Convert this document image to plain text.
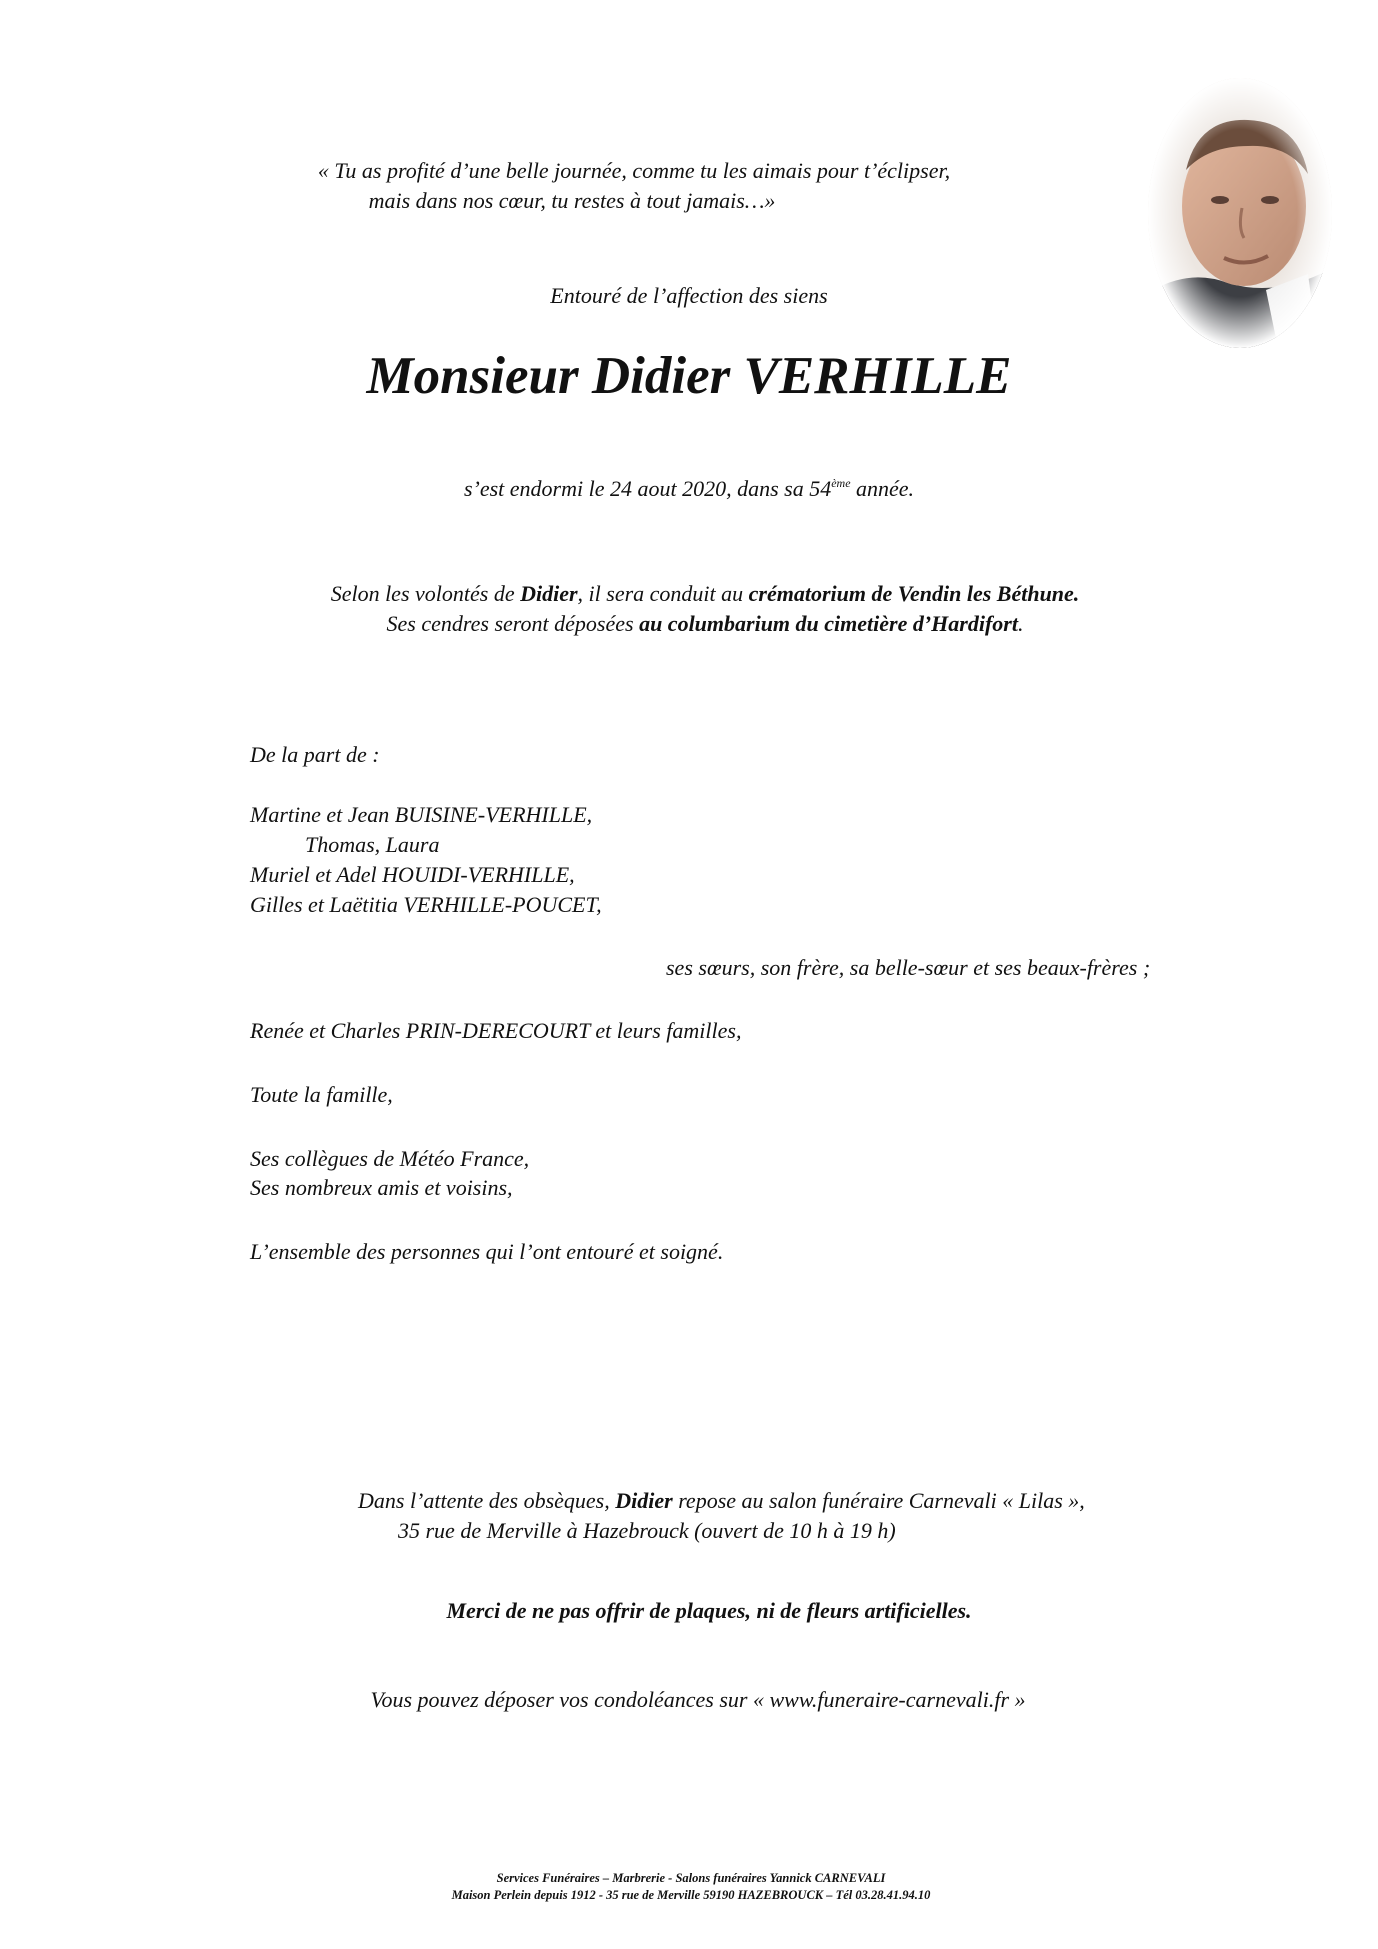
« Tu as profité d’une belle journée, comme tu les aimais pour t’éclipser,
mais dans nos cœur, tu restes à tout jamais…»
Entouré de l’affection des siens
Monsieur Didier VERHILLE
s’est endormi le 24 aout 2020, dans sa 54ème année.
Selon les volontés de Didier, il sera conduit au crématorium de Vendin les Béthune.
Ses cendres seront déposées au columbarium du cimetière d’Hardifort.

De la part de :

Martine et Jean BUISINE-VERHILLE,

Thomas, Laura

Muriel et Adel HOUIDI-VERHILLE,

Gilles et Laëtitia VERHILLE-POUCET,

ses sœurs, son frère, sa belle-sœur et ses beaux-frères ;
Renée et Charles PRIN-DERECOURT et leurs familles,
Toute la famille,
Ses collègues de Météo France,
Ses nombreux amis et voisins,
L’ensemble des personnes qui l’ont entouré et soigné.
Dans l’attente des obsèques, Didier repose au salon funéraire Carnevali « Lilas »,
35 rue de Merville à Hazebrouck (ouvert de 10 h à 19 h)
Merci de ne pas offrir de plaques, ni de fleurs artificielles.
Vous pouvez déposer vos condoléances sur « www.funeraire-carnevali.fr »
Services Funéraires – Marbrerie - Salons funéraires Yannick CARNEVALI
Maison Perlein depuis 1912 - 35 rue de Merville 59190 HAZEBROUCK – Tél 03.28.41.94.10
